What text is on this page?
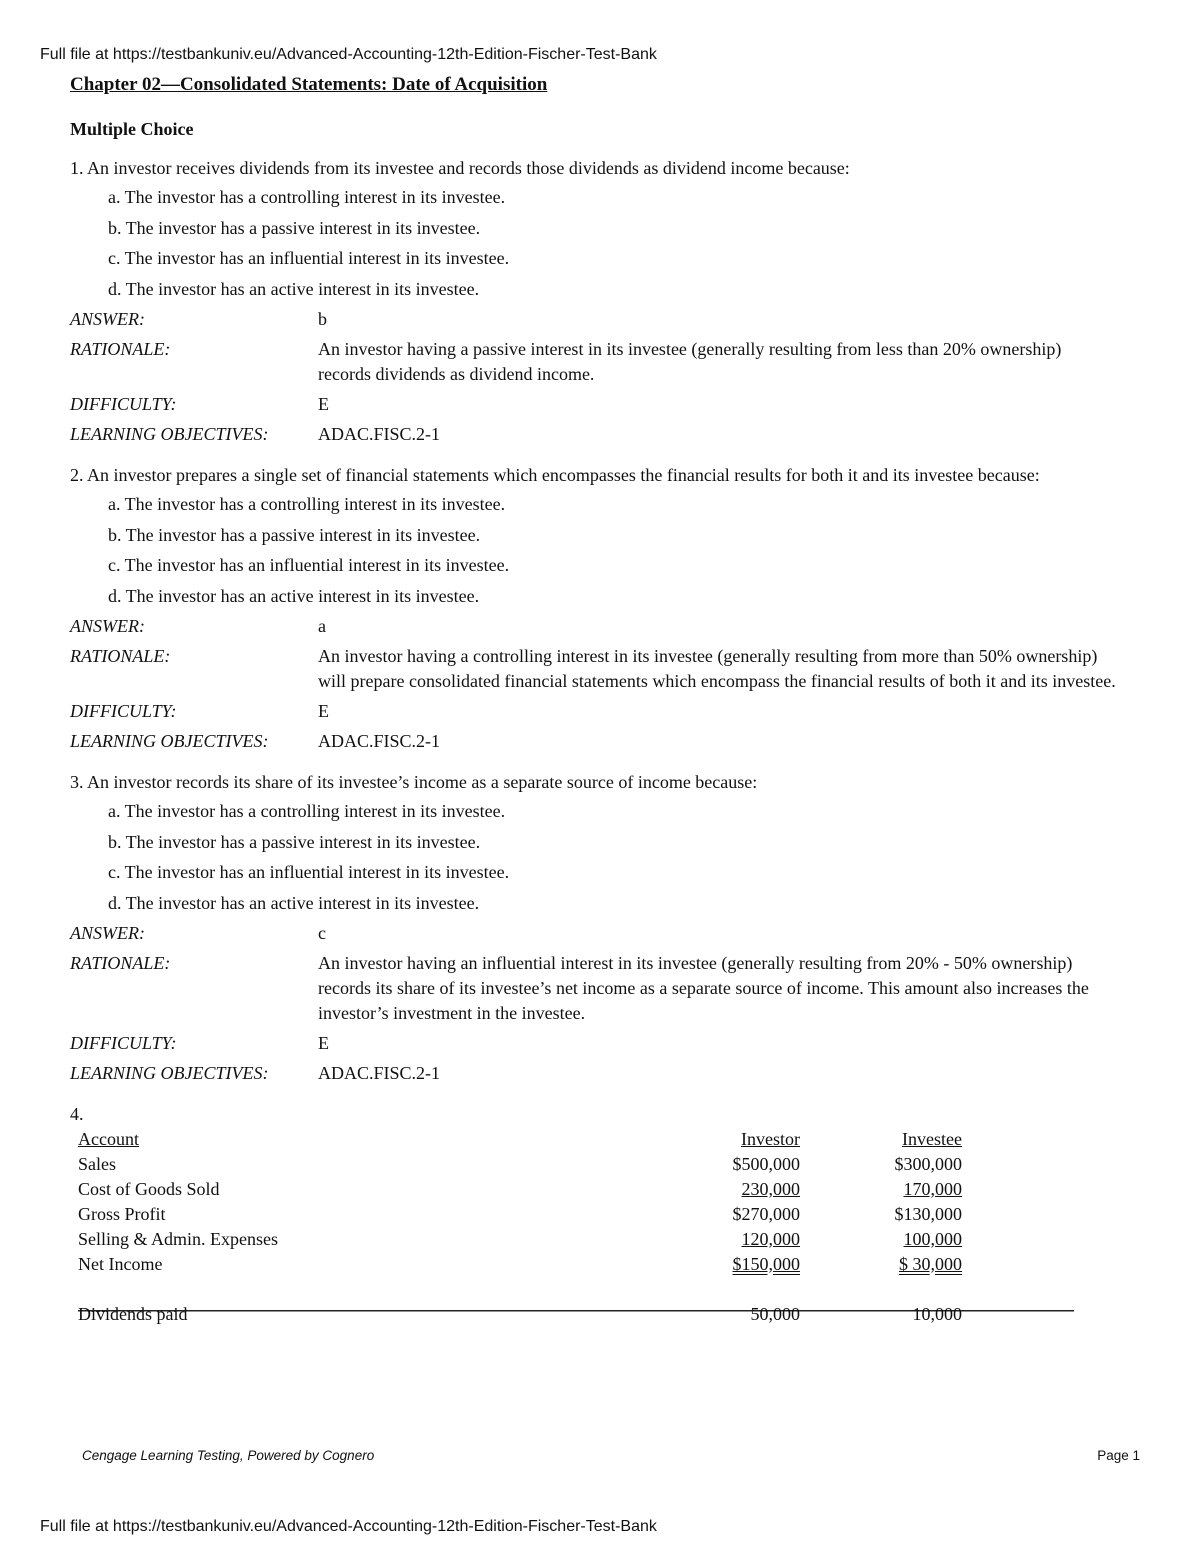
Full file at https://testbankuniv.eu/Advanced-Accounting-12th-Edition-Fischer-Test-Bank
Chapter 02—Consolidated Statements: Date of Acquisition
Multiple Choice
1. An investor receives dividends from its investee and records those dividends as dividend income because:
a. The investor has a controlling interest in its investee.
b. The investor has a passive interest in its investee.
c. The investor has an influential interest in its investee.
d. The investor has an active interest in its investee.
ANSWER:	b
RATIONALE:	An investor having a passive interest in its investee (generally resulting from less than 20% ownership) records dividends as dividend income.
DIFFICULTY:	E
LEARNING OBJECTIVES:	ADAC.FISC.2-1
2. An investor prepares a single set of financial statements which encompasses the financial results for both it and its investee because:
a. The investor has a controlling interest in its investee.
b. The investor has a passive interest in its investee.
c. The investor has an influential interest in its investee.
d. The investor has an active interest in its investee.
ANSWER:	a
RATIONALE:	An investor having a controlling interest in its investee (generally resulting from more than 50% ownership) will prepare consolidated financial statements which encompass the financial results of both it and its investee.
DIFFICULTY:	E
LEARNING OBJECTIVES:	ADAC.FISC.2-1
3. An investor records its share of its investee’s income as a separate source of income because:
a. The investor has a controlling interest in its investee.
b. The investor has a passive interest in its investee.
c. The investor has an influential interest in its investee.
d. The investor has an active interest in its investee.
ANSWER:	c
RATIONALE:	An investor having an influential interest in its investee (generally resulting from 20% - 50% ownership) records its share of its investee’s net income as a separate source of income. This amount also increases the investor’s investment in the investee.
DIFFICULTY:	E
LEARNING OBJECTIVES:	ADAC.FISC.2-1
4.
Account	Investor		Investee	
Sales	$500,000		$300,000	
Cost of Goods Sold	230,000		170,000	
Gross Profit	$270,000		$130,000	
Selling & Admin. Expenses	120,000		100,000	
Net Income	$150,000		$ 30,000	

Dividends paid	50,000		10,000	
Cengage Learning Testing, Powered by Cognero	Page 1
Full file at https://testbankuniv.eu/Advanced-Accounting-12th-Edition-Fischer-Test-Bank
